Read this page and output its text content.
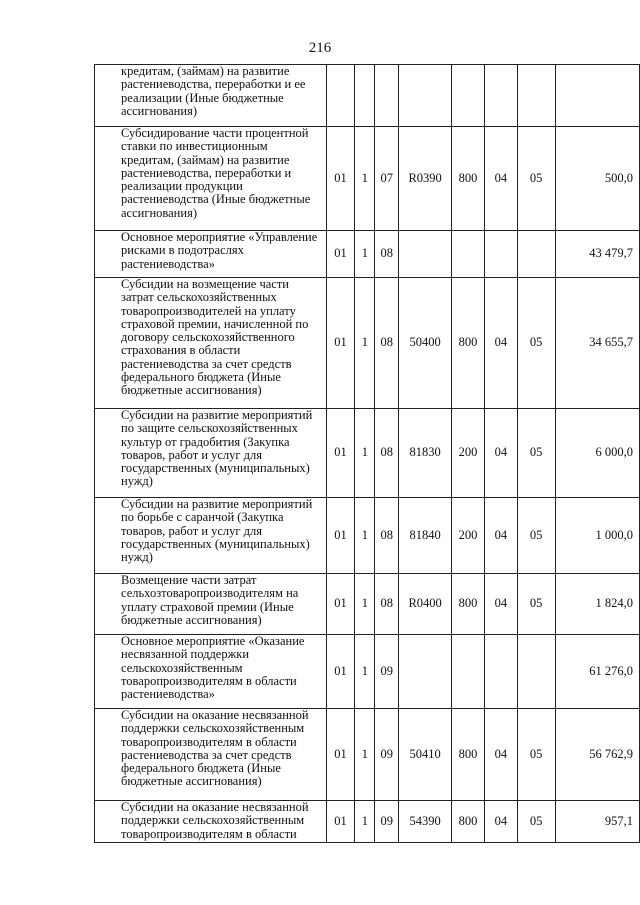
216
кредитам, (займам) на развитие растениеводства, переработки и ее реализации (Иные бюджетные ассигнования)								
Субсидирование части процентной ставки по инвестиционным кредитам, (займам) на развитие растениеводства, переработки и реализации продукции растениеводства (Иные бюджетные ассигнования)	01	1	07	R0390	800	04	05	500,0
Основное мероприятие «Управление рисками в подотраслях растениеводства»	01	1	08					43 479,7
Субсидии на возмещение части затрат сельскохозяйственных товаропроизводителей на уплату страховой премии, начисленной по договору сельскохозяйственного страхования в области растениеводства за счет средств федерального бюджета (Иные бюджетные ассигнования)	01	1	08	50400	800	04	05	34 655,7
Субсидии на развитие мероприятий по защите сельскохозяйственных культур от градобития (Закупка товаров, работ и услуг для государственных (муниципальных) нужд)	01	1	08	81830	200	04	05	6 000,0
Субсидии на развитие мероприятий по борьбе с саранчой (Закупка товаров, работ и услуг для государственных (муниципальных) нужд)	01	1	08	81840	200	04	05	1 000,0
Возмещение части затрат сельхозтоваропроизводителям на уплату страховой премии (Иные бюджетные ассигнования)	01	1	08	R0400	800	04	05	1 824,0
Основное мероприятие «Оказание несвязанной поддержки сельскохозяйственным товаропроизводителям в области растениеводства»	01	1	09					61 276,0
Субсидии на оказание несвязанной поддержки сельскохозяйственным товаропроизводителям в области растениеводства за счет средств федерального бюджета (Иные бюджетные ассигнования)	01	1	09	50410	800	04	05	56 762,9
Субсидии на оказание несвязанной поддержки сельскохозяйственным товаропроизводителям в области	01	1	09	54390	800	04	05	957,1
